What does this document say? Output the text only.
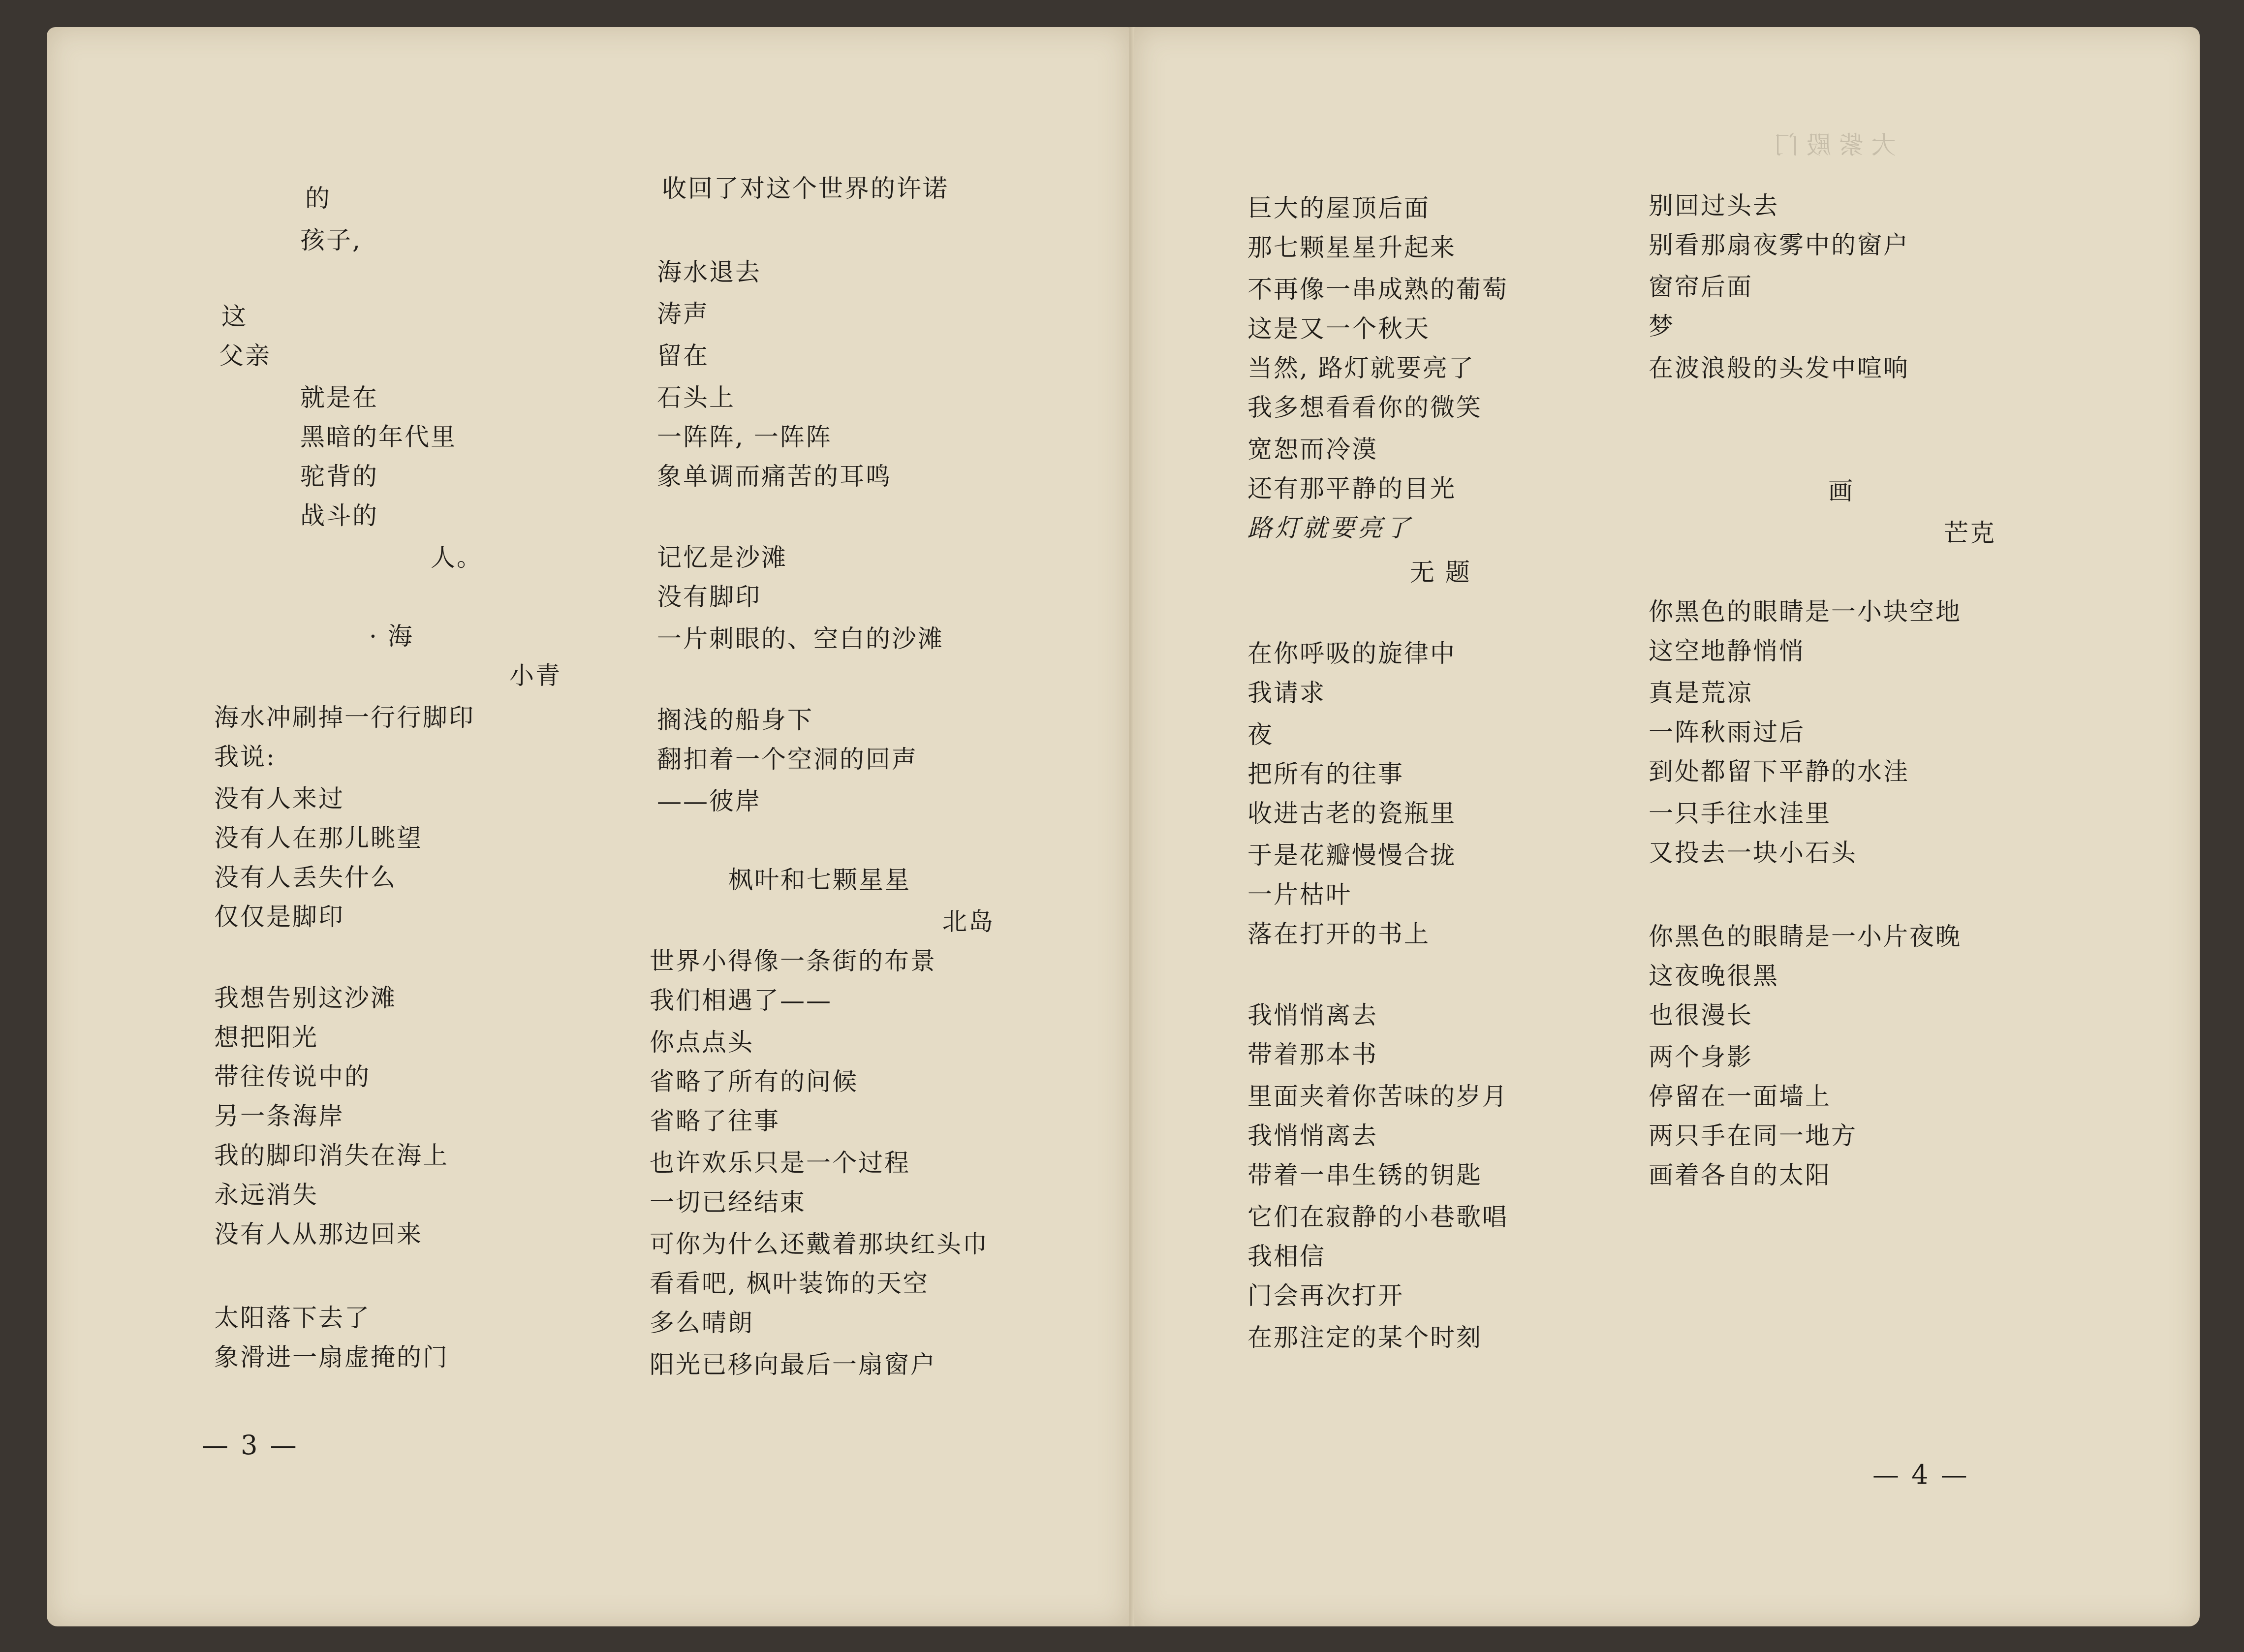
的
孩子,
这
父亲
就是在
黑暗的年代里
驼背的
战斗的
人。
· 海
小青
海水冲刷掉一行行脚印
我说:
没有人来过
没有人在那儿眺望
没有人丢失什么
仅仅是脚印
我想告别这沙滩
想把阳光
带往传说中的
另一条海岸
我的脚印消失在海上
永远消失
没有人从那边回来
太阳落下去了
象滑进一扇虚掩的门
收回了对这个世界的许诺
海水退去
涛声
留在
石头上
一阵阵, 一阵阵
象单调而痛苦的耳鸣
记忆是沙滩
没有脚印
一片刺眼的、空白的沙滩
搁浅的船身下
翻扣着一个空洞的回声
——彼岸
枫叶和七颗星星
北岛
世界小得像一条街的布景
我们相遇了——
你点点头
省略了所有的问候
省略了往事
也许欢乐只是一个过程
一切已经结束
可你为什么还戴着那块红头巾
看看吧, 枫叶装饰的天空
多么晴朗
阳光已移向最后一扇窗户
— 3 —
大 紫 殿 门
巨大的屋顶后面
那七颗星星升起来
不再像一串成熟的葡萄
这是又一个秋天
当然, 路灯就要亮了
我多想看看你的微笑
宽恕而冷漠
还有那平静的目光
路灯就要亮了
无 题
在你呼吸的旋律中
我请求
夜
把所有的往事
收进古老的瓷瓶里
于是花瓣慢慢合拢
一片枯叶
落在打开的书上
我悄悄离去
带着那本书
里面夹着你苦味的岁月
我悄悄离去
带着一串生锈的钥匙
它们在寂静的小巷歌唱
我相信
门会再次打开
在那注定的某个时刻
别回过头去
别看那扇夜雾中的窗户
窗帘后面
梦
在波浪般的头发中喧响
画
芒克
你黑色的眼睛是一小块空地
这空地静悄悄
真是荒凉
一阵秋雨过后
到处都留下平静的水洼
一只手往水洼里
又投去一块小石头
你黑色的眼睛是一小片夜晚
这夜晚很黑
也很漫长
两个身影
停留在一面墙上
两只手在同一地方
画着各自的太阳
— 4 —
